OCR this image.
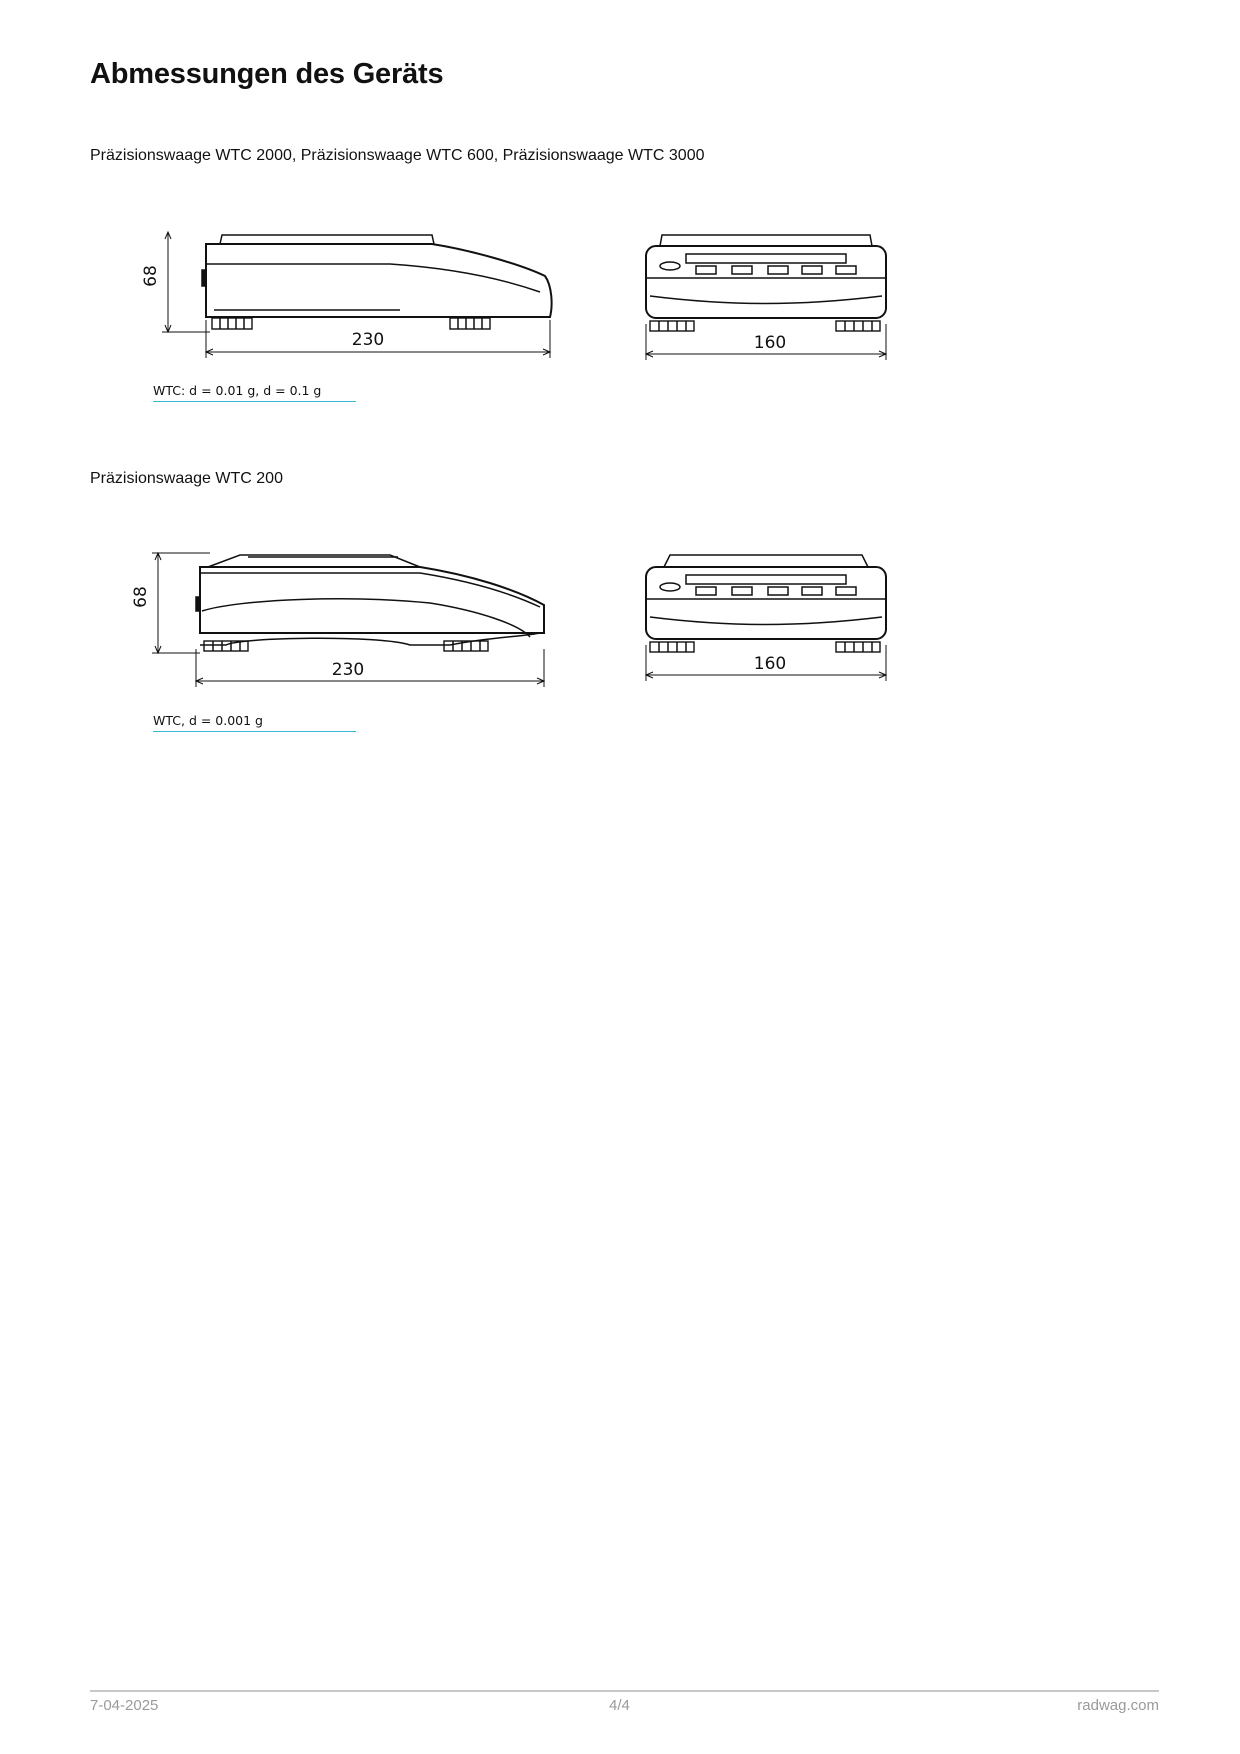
Abmessungen des Geräts

Präzisionswaage WTC 2000, Präzisionswaage WTC 600, Präzisionswaage WTC 3000

68
230	160
WTC: d = 0.01 g, d = 0.1 g

Präzisionswaage WTC 200

68
230	160
WTC, d = 0.001 g
7-04-2025	4/4	radwag.com
